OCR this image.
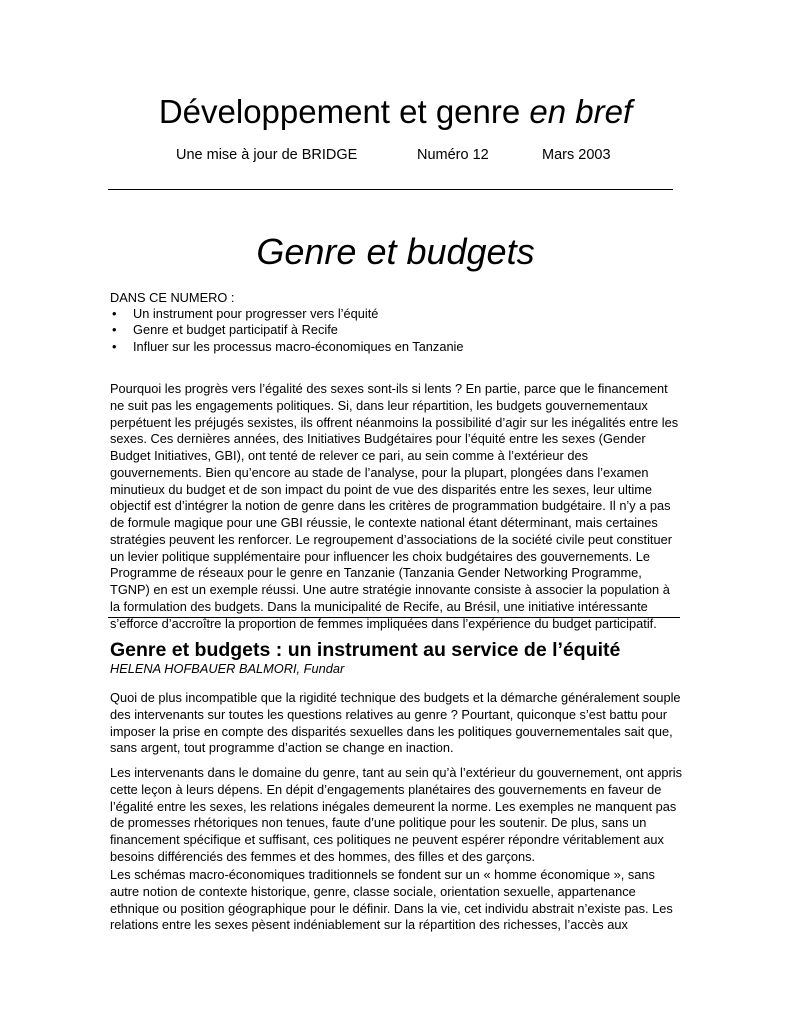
Développement et genre en bref
Une mise à jour de BRIDGE	Numéro 12	Mars 2003
Genre et budgets
DANS CE NUMERO :
• Un instrument pour progresser vers l’équité
• Genre et budget participatif à Recife
• Influer sur les processus macro-économiques en Tanzanie

Pourquoi les progrès vers l’égalité des sexes sont-ils si lents ? En partie, parce que le financement ne suit pas les engagements politiques. Si, dans leur répartition, les budgets gouvernementaux perpétuent les préjugés sexistes, ils offrent néanmoins la possibilité d’agir sur les inégalités entre les sexes. Ces dernières années, des Initiatives Budgétaires pour l’équité entre les sexes (Gender Budget Initiatives, GBI), ont tenté de relever ce pari, au sein comme à l’extérieur des gouvernements. Bien qu’encore au stade de l’analyse, pour la plupart, plongées dans l’examen minutieux du budget et de son impact du point de vue des disparités entre les sexes, leur ultime objectif est d’intégrer la notion de genre dans les critères de programmation budgétaire. Il n’y a pas de formule magique pour une GBI réussie, le contexte national étant déterminant, mais certaines stratégies peuvent les renforcer. Le regroupement d’associations de la société civile peut constituer un levier politique supplémentaire pour influencer les choix budgétaires des gouvernements. Le Programme de réseaux pour le genre en Tanzanie (Tanzania Gender Networking Programme, TGNP) en est un exemple réussi. Une autre stratégie innovante consiste à associer la population à la formulation des budgets. Dans la municipalité de Recife, au Brésil, une initiative intéressante s’efforce d’accroître la proportion de femmes impliquées dans l’expérience du budget participatif.

Genre et budgets : un instrument au service de l’équité
HELENA HOFBAUER BALMORI, Fundar

Quoi de plus incompatible que la rigidité technique des budgets et la démarche généralement souple des intervenants sur toutes les questions relatives au genre ? Pourtant, quiconque s’est battu pour imposer la prise en compte des disparités sexuelles dans les politiques gouvernementales sait que, sans argent, tout programme d’action se change en inaction.

Les intervenants dans le domaine du genre, tant au sein qu’à l’extérieur du gouvernement, ont appris cette leçon à leurs dépens. En dépit d’engagements planétaires des gouvernements en faveur de l’égalité entre les sexes, les relations inégales demeurent la norme. Les exemples ne manquent pas de promesses rhétoriques non tenues, faute d’une politique pour les soutenir. De plus, sans un financement spécifique et suffisant, ces politiques ne peuvent espérer répondre véritablement aux besoins différenciés des femmes et des hommes, des filles et des garçons.

Les schémas macro-économiques traditionnels se fondent sur un « homme économique », sans autre notion de contexte historique, genre, classe sociale, orientation sexuelle, appartenance ethnique ou position géographique pour le définir. Dans la vie, cet individu abstrait n’existe pas. Les relations entre les sexes pèsent indéniablement sur la répartition des richesses, l’accès aux
